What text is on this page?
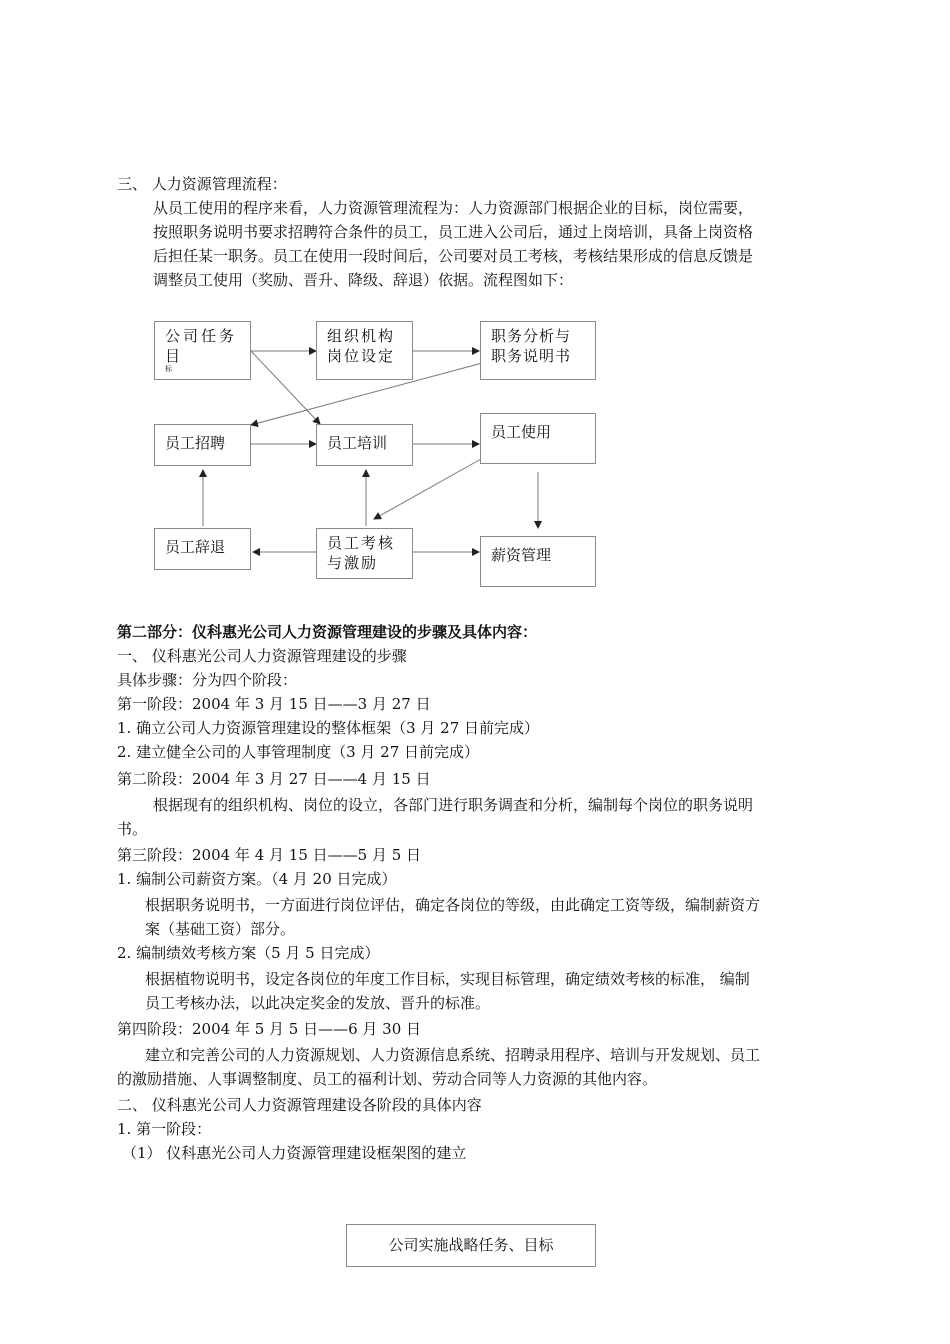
三、 人力资源管理流程：
从员工使用的程序来看，人力资源管理流程为：人力资源部门根据企业的目标，岗位需要，
按照职务说明书要求招聘符合条件的员工，员工进入公司后，通过上岗培训，具备上岗资格
后担任某一职务。员工在使用一段时间后，公司要对员工考核，考核结果形成的信息反馈是
调整员工使用（奖励、晋升、降级、辞退）依据。流程图如下：
公司任务
目
标
组织机构
岗位设定
职务分析与
职务说明书
员工招聘	员工培训
员工使用
员工辞退	员工考核
与激励	薪资管理
第二部分：仪科惠光公司人力资源管理建设的步骤及具体内容：
一、 仪科惠光公司人力资源管理建设的步骤
具体步骤：分为四个阶段：
第一阶段：2004 年 3 月 15 日——3 月 27 日
1. 确立公司人力资源管理建设的整体框架（3 月 27 日前完成）
2. 建立健全公司的人事管理制度（3 月 27 日前完成）
第二阶段：2004 年 3 月 27 日——4 月 15 日
根据现有的组织机构、岗位的设立，各部门进行职务调查和分析，编制每个岗位的职务说明
书。
第三阶段：2004 年 4 月 15 日——5 月 5 日
1. 编制公司薪资方案。（4 月 20 日完成）
根据职务说明书，一方面进行岗位评估，确定各岗位的等级，由此确定工资等级，编制薪资方
案（基础工资）部分。
2. 编制绩效考核方案（5 月 5 日完成）
根据植物说明书，设定各岗位的年度工作目标，实现目标管理，确定绩效考核的标准， 编制
员工考核办法，以此决定奖金的发放、晋升的标准。
第四阶段：2004 年 5 月 5 日——6 月 30 日
建立和完善公司的人力资源规划、人力资源信息系统、招聘录用程序、培训与开发规划、员工
的激励措施、人事调整制度、员工的福利计划、劳动合同等人力资源的其他内容。
二、 仪科惠光公司人力资源管理建设各阶段的具体内容
1. 第一阶段：
（1） 仪科惠光公司人力资源管理建设框架图的建立
公司实施战略任务、目标
